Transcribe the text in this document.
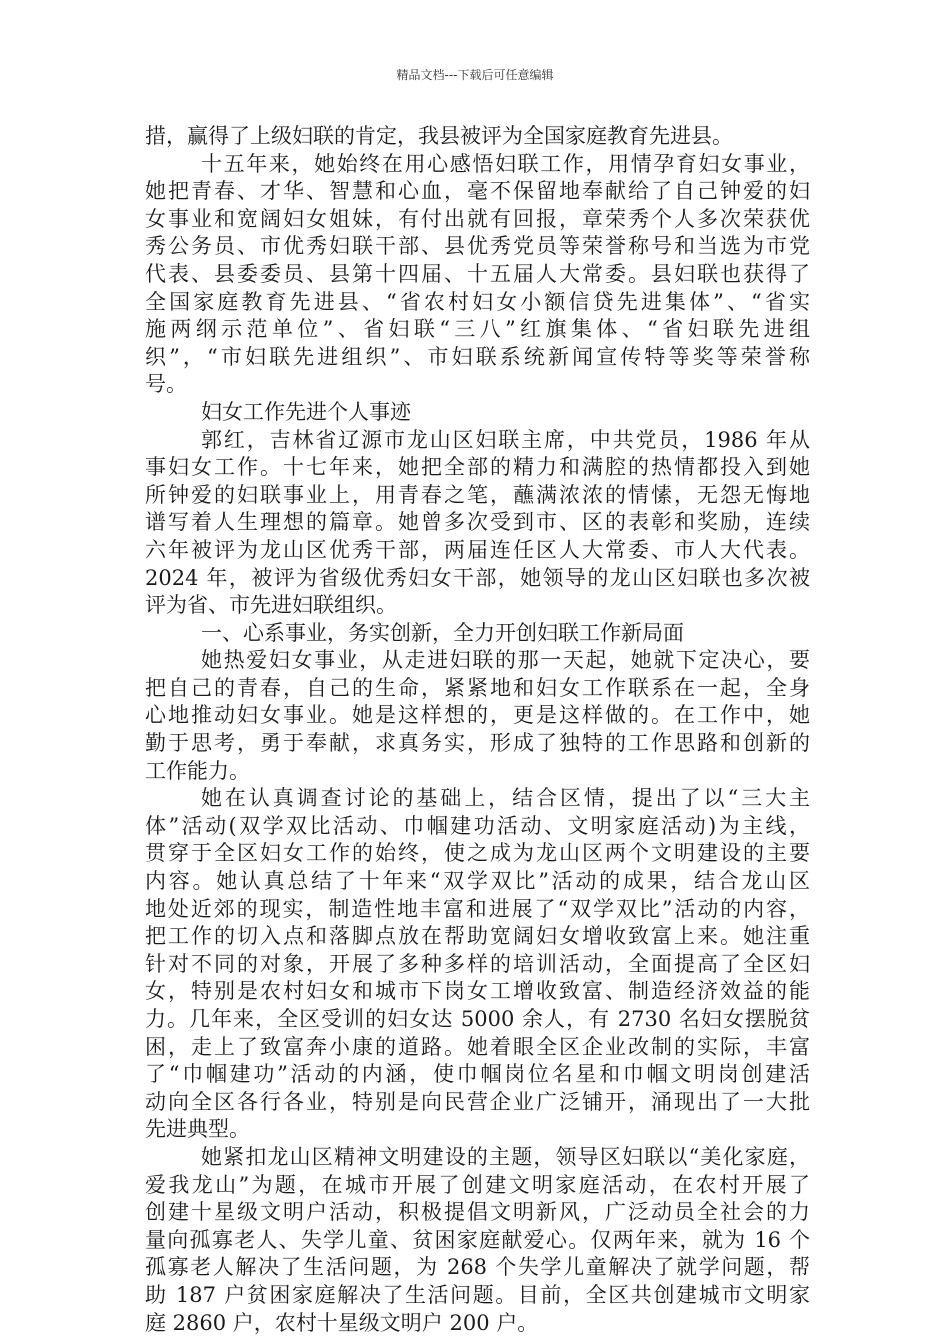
精品文档---下载后可任意编辑
措，赢得了上级妇联的肯定，我县被评为全国家庭教育先进县。
十五年来，她始终在用心感悟妇联工作，用情孕育妇女事业，
她把青春、才华、智慧和心血，毫不保留地奉献给了自己钟爱的妇
女事业和宽阔妇女姐妹，有付出就有回报，章荣秀个人多次荣获优
秀公务员、市优秀妇联干部、县优秀党员等荣誉称号和当选为市党
代表、县委委员、县第十四届、十五届人大常委。县妇联也获得了
全国家庭教育先进县、“省农村妇女小额信贷先进集体”、“省实
施两纲示范单位”、省妇联“三八”红旗集体、“省妇联先进组
织”，“市妇联先进组织”、市妇联系统新闻宣传特等奖等荣誉称
号。
妇女工作先进个人事迹
郭红，吉林省辽源市龙山区妇联主席，中共党员，1986 年从
事妇女工作。十七年来，她把全部的精力和满腔的热情都投入到她
所钟爱的妇联事业上，用青春之笔，蘸满浓浓的情愫，无怨无悔地
谱写着人生理想的篇章。她曾多次受到市、区的表彰和奖励，连续
六年被评为龙山区优秀干部，两届连任区人大常委、市人大代表。
2024 年，被评为省级优秀妇女干部，她领导的龙山区妇联也多次被
评为省、市先进妇联组织。
一、心系事业，务实创新，全力开创妇联工作新局面
她热爱妇女事业，从走进妇联的那一天起，她就下定决心，要
把自己的青春，自己的生命，紧紧地和妇女工作联系在一起，全身
心地推动妇女事业。她是这样想的，更是这样做的。在工作中，她
勤于思考，勇于奉献，求真务实，形成了独特的工作思路和创新的
工作能力。
她在认真调查讨论的基础上，结合区情，提出了以“三大主
体”活动(双学双比活动、巾帼建功活动、文明家庭活动)为主线，
贯穿于全区妇女工作的始终，使之成为龙山区两个文明建设的主要
内容。她认真总结了十年来“双学双比”活动的成果，结合龙山区
地处近郊的现实，制造性地丰富和进展了“双学双比”活动的内容，
把工作的切入点和落脚点放在帮助宽阔妇女增收致富上来。她注重
针对不同的对象，开展了多种多样的培训活动，全面提高了全区妇
女，特别是农村妇女和城市下岗女工增收致富、制造经济效益的能
力。几年来，全区受训的妇女达 5000 余人，有 2730 名妇女摆脱贫
困，走上了致富奔小康的道路。她着眼全区企业改制的实际，丰富
了“巾帼建功”活动的内涵，使巾帼岗位名星和巾帼文明岗创建活
动向全区各行各业，特别是向民营企业广泛铺开，涌现出了一大批
先进典型。
她紧扣龙山区精神文明建设的主题，领导区妇联以“美化家庭，
爱我龙山”为题，在城市开展了创建文明家庭活动，在农村开展了
创建十星级文明户活动，积极提倡文明新风，广泛动员全社会的力
量向孤寡老人、失学儿童、贫困家庭献爱心。仅两年来，就为 16 个
孤寡老人解决了生活问题，为 268 个失学儿童解决了就学问题，帮
助 187 户贫困家庭解决了生活问题。目前，全区共创建城市文明家
庭 2860 户，农村十星级文明户 200 户。
